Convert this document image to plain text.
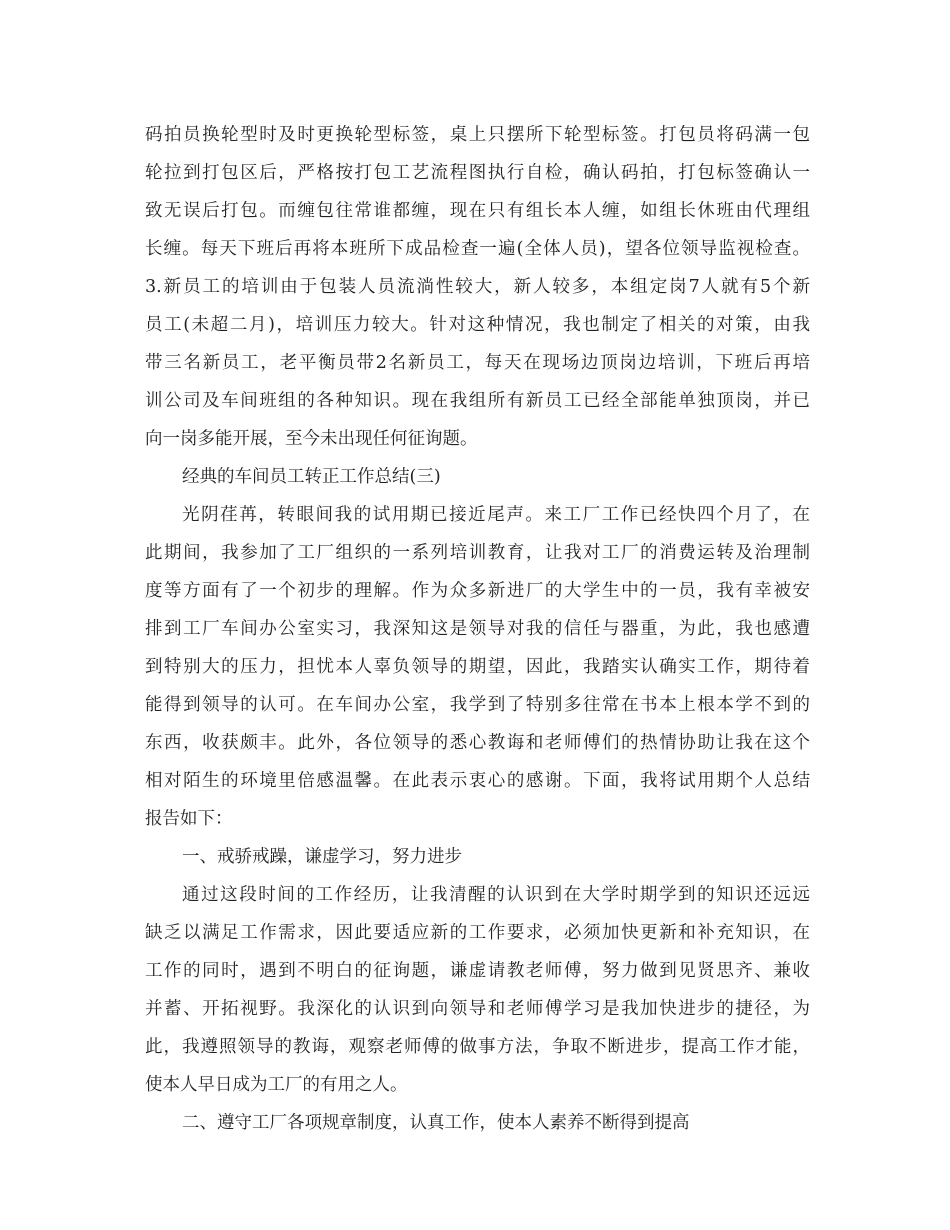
码拍员换轮型时及时更换轮型标签，桌上只摆所下轮型标签。打包员将码满一包
轮拉到打包区后，严格按打包工艺流程图执行自检，确认码拍，打包标签确认一
致无误后打包。而缠包往常谁都缠，现在只有组长本人缠，如组长休班由代理组
长缠。每天下班后再将本班所下成品检查一遍(全体人员)，望各位领导监视检查。
3.新员工的培训由于包装人员流淌性较大，新人较多，本组定岗7人就有5个新
员工(未超二月)，培训压力较大。针对这种情况，我也制定了相关的对策，由我
带三名新员工，老平衡员带2名新员工，每天在现场边顶岗边培训，下班后再培
训公司及车间班组的各种知识。现在我组所有新员工已经全部能单独顶岗，并已
向一岗多能开展，至今未出现任何征询题。
经典的车间员工转正工作总结(三)
光阴荏苒，转眼间我的试用期已接近尾声。来工厂工作已经快四个月了，在
此期间，我参加了工厂组织的一系列培训教育，让我对工厂的消费运转及治理制
度等方面有了一个初步的理解。作为众多新进厂的大学生中的一员，我有幸被安
排到工厂车间办公室实习，我深知这是领导对我的信任与器重，为此，我也感遭
到特别大的压力，担忧本人辜负领导的期望，因此，我踏实认确实工作，期待着
能得到领导的认可。在车间办公室，我学到了特别多往常在书本上根本学不到的
东西，收获颇丰。此外，各位领导的悉心教诲和老师傅们的热情协助让我在这个
相对陌生的环境里倍感温馨。在此表示衷心的感谢。下面，我将试用期个人总结
报告如下：
一、戒骄戒躁，谦虚学习，努力进步
通过这段时间的工作经历，让我清醒的认识到在大学时期学到的知识还远远
缺乏以满足工作需求，因此要适应新的工作要求，必须加快更新和补充知识，在
工作的同时，遇到不明白的征询题，谦虚请教老师傅，努力做到见贤思齐、兼收
并蓄、开拓视野。我深化的认识到向领导和老师傅学习是我加快进步的捷径，为
此，我遵照领导的教诲，观察老师傅的做事方法，争取不断进步，提高工作才能，
使本人早日成为工厂的有用之人。
二、遵守工厂各项规章制度，认真工作，使本人素养不断得到提高
